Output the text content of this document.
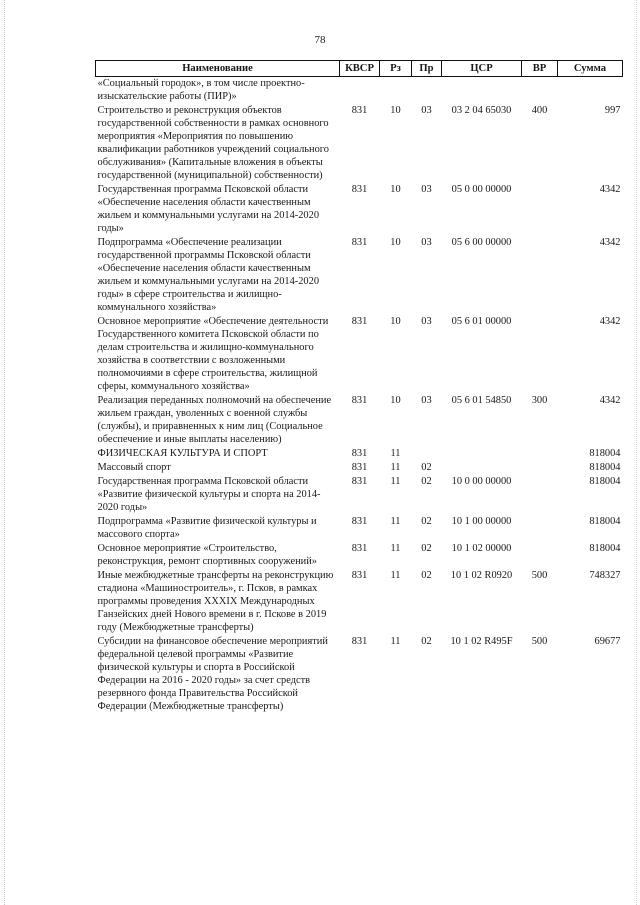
78
Наименование	КВСР	Рз	Пр	ЦСР	ВР	Сумма
«Социальный городок», в том числе проектно-изыскательские работы (ПИР)»						
Строительство и реконструкция объектов государственной собственности в рамках основного мероприятия «Мероприятия по повышению квалификации работников учреждений социального обслуживания» (Капитальные вложения в объекты государственной (муниципальной) собственности)	831	10	03	03 2 04 65030	400	997
Государственная программа Псковской области «Обеспечение населения области качественным жильем и коммунальными услугами на 2014-2020 годы»	831	10	03	05 0 00 00000		4342
Подпрограмма «Обеспечение реализации государственной программы Псковской области «Обеспечение населения области качественным жильем и коммунальными услугами на 2014-2020 годы» в сфере строительства и жилищно-коммунального хозяйства»	831	10	03	05 6 00 00000		4342
Основное мероприятие «Обеспечение деятельности Государственного комитета Псковской области по делам строительства и жилищно-коммунального хозяйства в соответствии с возложенными полномочиями в сфере строительства, жилищной сферы, коммунального хозяйства»	831	10	03	05 6 01 00000		4342
Реализация переданных полномочий на обеспечение жильем граждан, уволенных с военной службы (службы), и приравненных к ним лиц (Социальное обеспечение и иные выплаты населению)	831	10	03	05 6 01 54850	300	4342
ФИЗИЧЕСКАЯ КУЛЬТУРА И СПОРТ	831	11				818004
Массовый спорт	831	11	02			818004
Государственная программа Псковской области «Развитие физической культуры и спорта на 2014-2020 годы»	831	11	02	10 0 00 00000		818004
Подпрограмма «Развитие физической культуры и массового спорта»	831	11	02	10 1 00 00000		818004
Основное мероприятие «Строительство, реконструкция, ремонт спортивных сооружений»	831	11	02	10 1 02 00000		818004
Иные межбюджетные трансферты на реконструкцию стадиона «Машиностроитель», г. Псков, в рамках программы проведения XXXIX Международных Ганзейских дней Нового времени в г. Пскове в 2019 году (Межбюджетные трансферты)	831	11	02	10 1 02 R0920	500	748327
Субсидии на финансовое обеспечение мероприятий федеральной целевой программы «Развитие физической культуры и спорта в Российской Федерации на 2016 - 2020 годы» за счет средств резервного фонда Правительства Российской Федерации (Межбюджетные трансферты)	831	11	02	10 1 02 R495F	500	69677
